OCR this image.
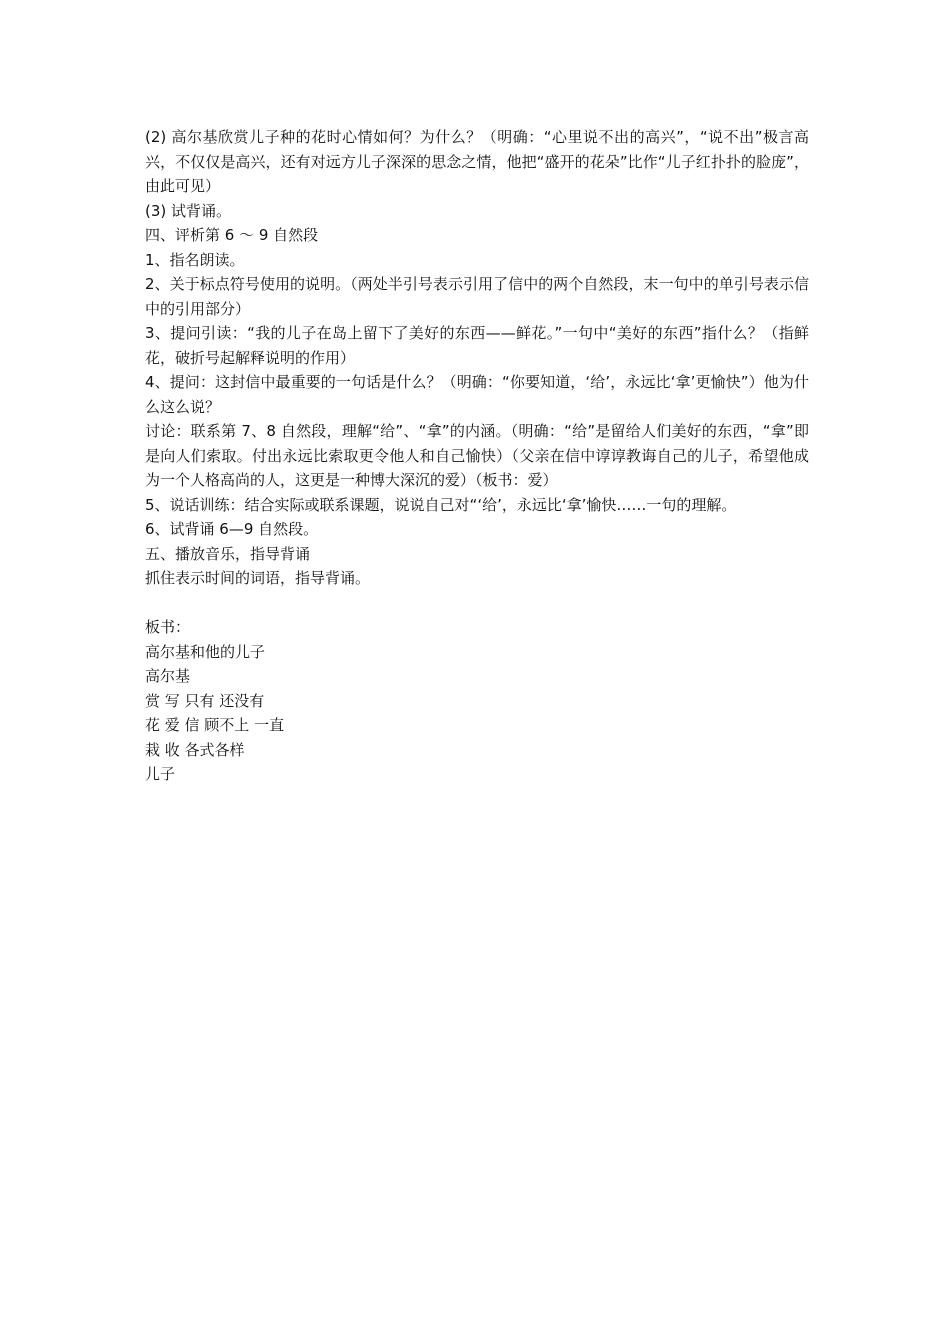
(2) 高尔基欣赏儿子种的花时心情如何？为什么？（明确：“心里说不出的高兴”，“说不出”极言高兴，不仅仅是高兴，还有对远方儿子深深的思念之情，他把“盛开的花朵”比作“儿子红扑扑的脸庞”，由此可见）
(3) 试背诵。
四、评析第 6 ～ 9 自然段
1、指名朗读。
2、关于标点符号使用的说明。（两处半引号表示引用了信中的两个自然段，末一句中的单引号表示信中的引用部分）
3、提问引读：“我的儿子在岛上留下了美好的东西——鲜花。”一句中“美好的东西”指什么？（指鲜花，破折号起解释说明的作用）
4、提问：这封信中最重要的一句话是什么？（明确：“你要知道，‘给’，永远比‘拿’更愉快”）他为什么这么说？
讨论：联系第 7、8 自然段，理解“给”、“拿”的内涵。（明确：“给”是留给人们美好的东西，“拿”即是向人们索取。付出永远比索取更令他人和自己愉快）（父亲在信中谆谆教诲自己的儿子，希望他成为一个人格高尚的人，这更是一种博大深沉的爱）（板书：爱）
5、说话训练：结合实际或联系课题，说说自己对“‘给’，永远比‘拿’愉快……一句的理解。
6、试背诵 6—9 自然段。
五、播放音乐，指导背诵
抓住表示时间的词语，指导背诵。
板书：
高尔基和他的儿子
高尔基
赏 写 只有 还没有
花 爱 信 顾不上 一直
栽 收 各式各样
儿子
